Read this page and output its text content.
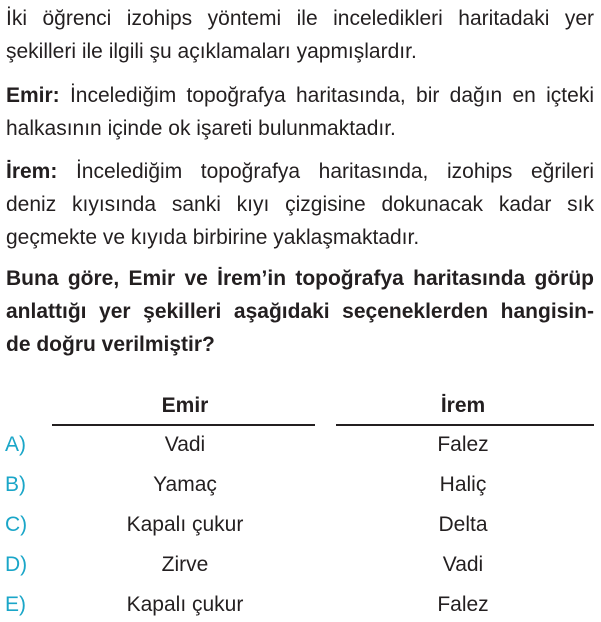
İki öğrenci izohips yöntemi ile inceledikleri haritadaki yer
şekilleri ile ilgili şu açıklamaları yapmışlardır.

Emir: İncelediğim topoğrafya haritasında, bir dağın en içteki
halkasının içinde ok işareti bulunmaktadır.

İrem: İncelediğim topoğrafya haritasında, izohips eğrileri
deniz kıyısında sanki kıyı çizgisine dokunacak kadar sık
geçmekte ve kıyıda birbirine yaklaşmaktadır.

Buna göre, Emir ve İrem’in topoğrafya haritasında görüp
anlattığı yer şekilleri aşağıdaki seçeneklerden hangisin-
de doğru verilmiştir?

Emir	İrem
A)	Vadi	Falez
B)	Yamaç	Haliç
C)	Kapalı çukur	Delta
D)	Zirve	Vadi
E)	Kapalı çukur	Falez
